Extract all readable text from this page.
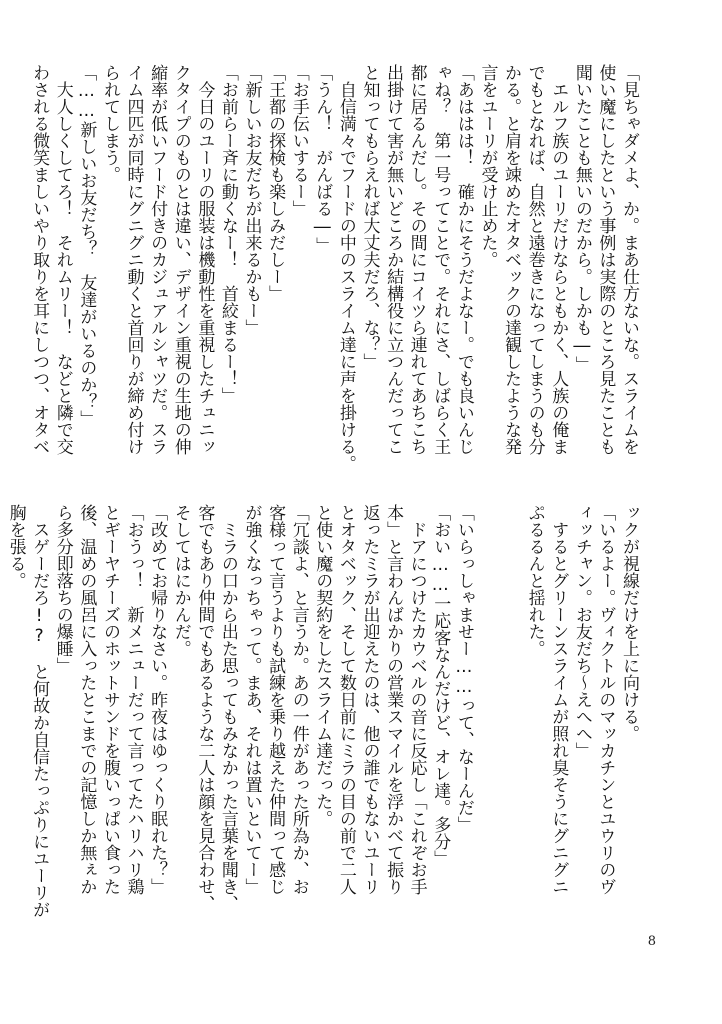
「見ちゃダメよ、か。まあ仕方ないな。スライムを
使い魔にしたという事例は実際のところ見たことも
聞いたことも無いのだから。しかも―」
　エルフ族のユーリだけならともかく、人族の俺ま
でもとなれば、自然と遠巻きになってしまうのも分
かる。と肩を竦めたオタベックの達観したような発
言をユーリが受け止めた。
「あははは！　確かにそうだよなー。でも良いんじ
ゃね？　第一号ってことで。それにさ、しばらく王
都に居るんだし。その間にコイツら連れてあちこち
出掛けて害が無いどころか結構役に立つんだってこ
と知ってもらえれば大丈夫だろ、な？」
　自信満々でフードの中のスライム達に声を掛ける。
「うん！　がんばる―」
「お手伝いするー」
「王都の探検も楽しみだしー」
「新しいお友だちが出来るかもー」
「お前らー斉に動くなー！　首絞まるー！」
　今日のユーリの服装は機動性を重視したチュニッ
クタイプのものとは違い、デザイン重視の生地の伸
縮率が低いフード付きのカジュアルシャツだ。スラ
イム四匹が同時にグニグニ動くと首回りが締め付け
られてしまう。
「……新しいお友だち？　友達がいるのか？」
　大人しくしてろ！　それムリー！　などと隣で交
わされる微笑ましいやり取りを耳にしつつ、オタベ
ックが視線だけを上に向ける。
「いるよー。ヴィクトルのマッカチンとユウリのヴ
ィッチャン。お友だち～えへへ」
　するとグリーンスライムが照れ臭そうにグニグニ
ぷるるんと揺れた。

「いらっしゃませー……って、なーんだ」
「おい……一応客なんだけど、オレ達。多分」
　ドアにつけたカウベルの音に反応し「これぞお手
本」と言わんばかりの営業スマイルを浮かべて振り
返ったミラが出迎えたのは、他の誰でもないユーリ
とオタベック、そして数日前にミラの目の前で二人
と使い魔の契約をしたスライム達だった。
「冗談よ、と言うか。あの一件があった所為か、お
客様って言うよりも試練を乗り越えた仲間って感じ
が強くなっちゃって。まあ、それは置いといてー」
　ミラの口から出た思ってもみなかった言葉を聞き、
客でもあり仲間でもあるような二人は顔を見合わせ、
そしてはにかんだ。
「改めてお帰りなさい。昨夜はゆっくり眠れた？」
「おうっ！　新メニューだって言ってたハリハリ鶏
とギーヤチーズのホットサンドを腹いっぱい食った
後、温めの風呂に入ったとこまでの記憶しか無ぇか
ら多分即落ちの爆睡」
　スゲーだろ!?　と何故か自信たっぷりにユーリが
胸を張る。
8
